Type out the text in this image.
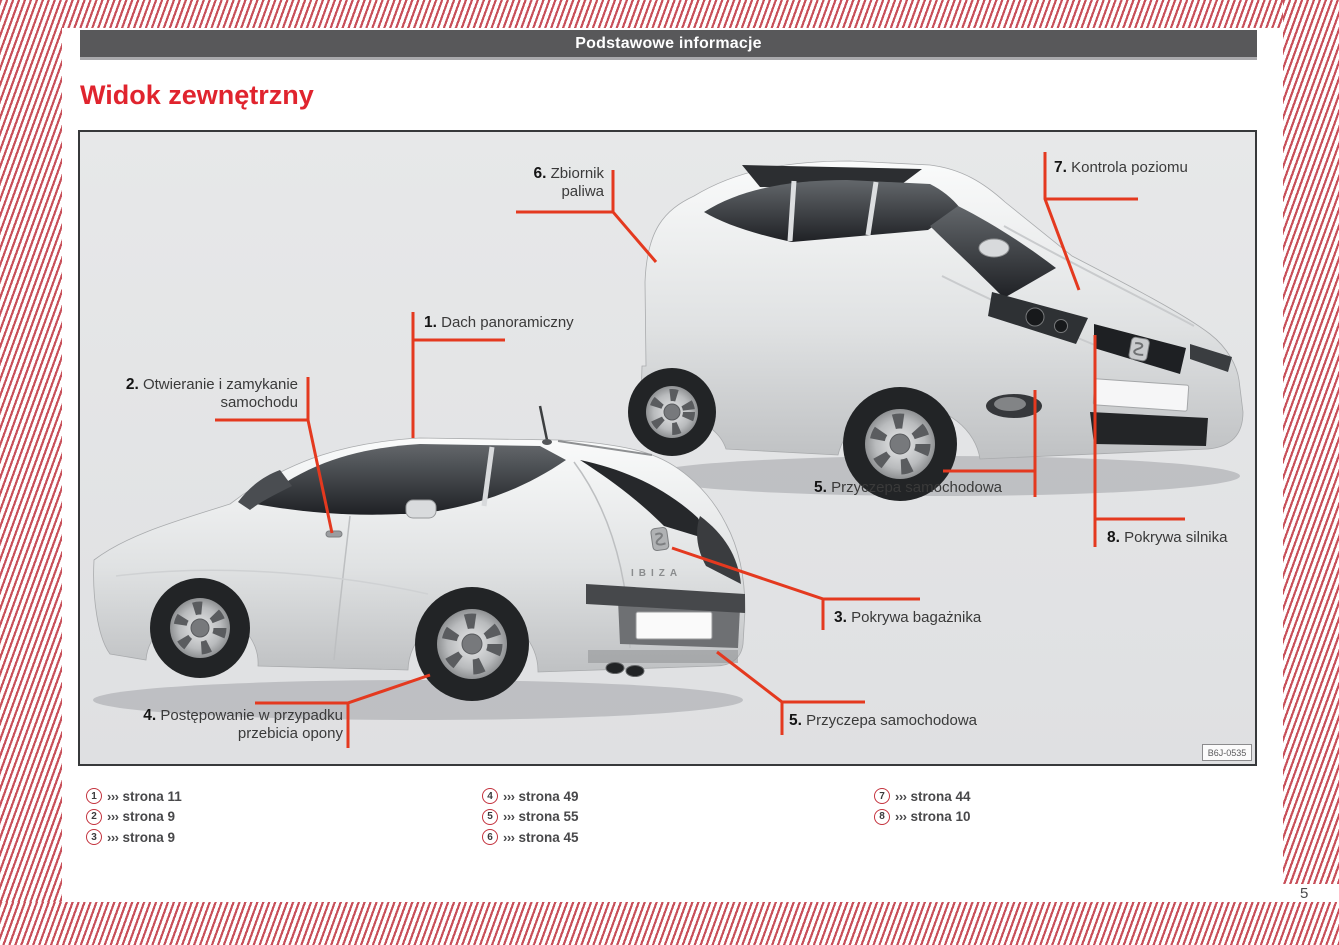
Podstawowe informacje
Widok zewnętrzny
IBIZA
B6J-0535
6. Zbiornik
paliwa
1. Dach panoramiczny
2. Otwieranie i zamykanie
samochodu
7. Kontrola poziomu
5. Przyczepa samochodowa
8. Pokrywa silnika
3. Pokrywa bagażnika
4. Postępowanie w przypadku
przebicia opony
5. Przyczepa samochodowa
1 ››› strona 11
2 ››› strona 9
3 ››› strona 9
4 ››› strona 49
5 ››› strona 55
6 ››› strona 45
7 ››› strona 44
8 ››› strona 10
5
